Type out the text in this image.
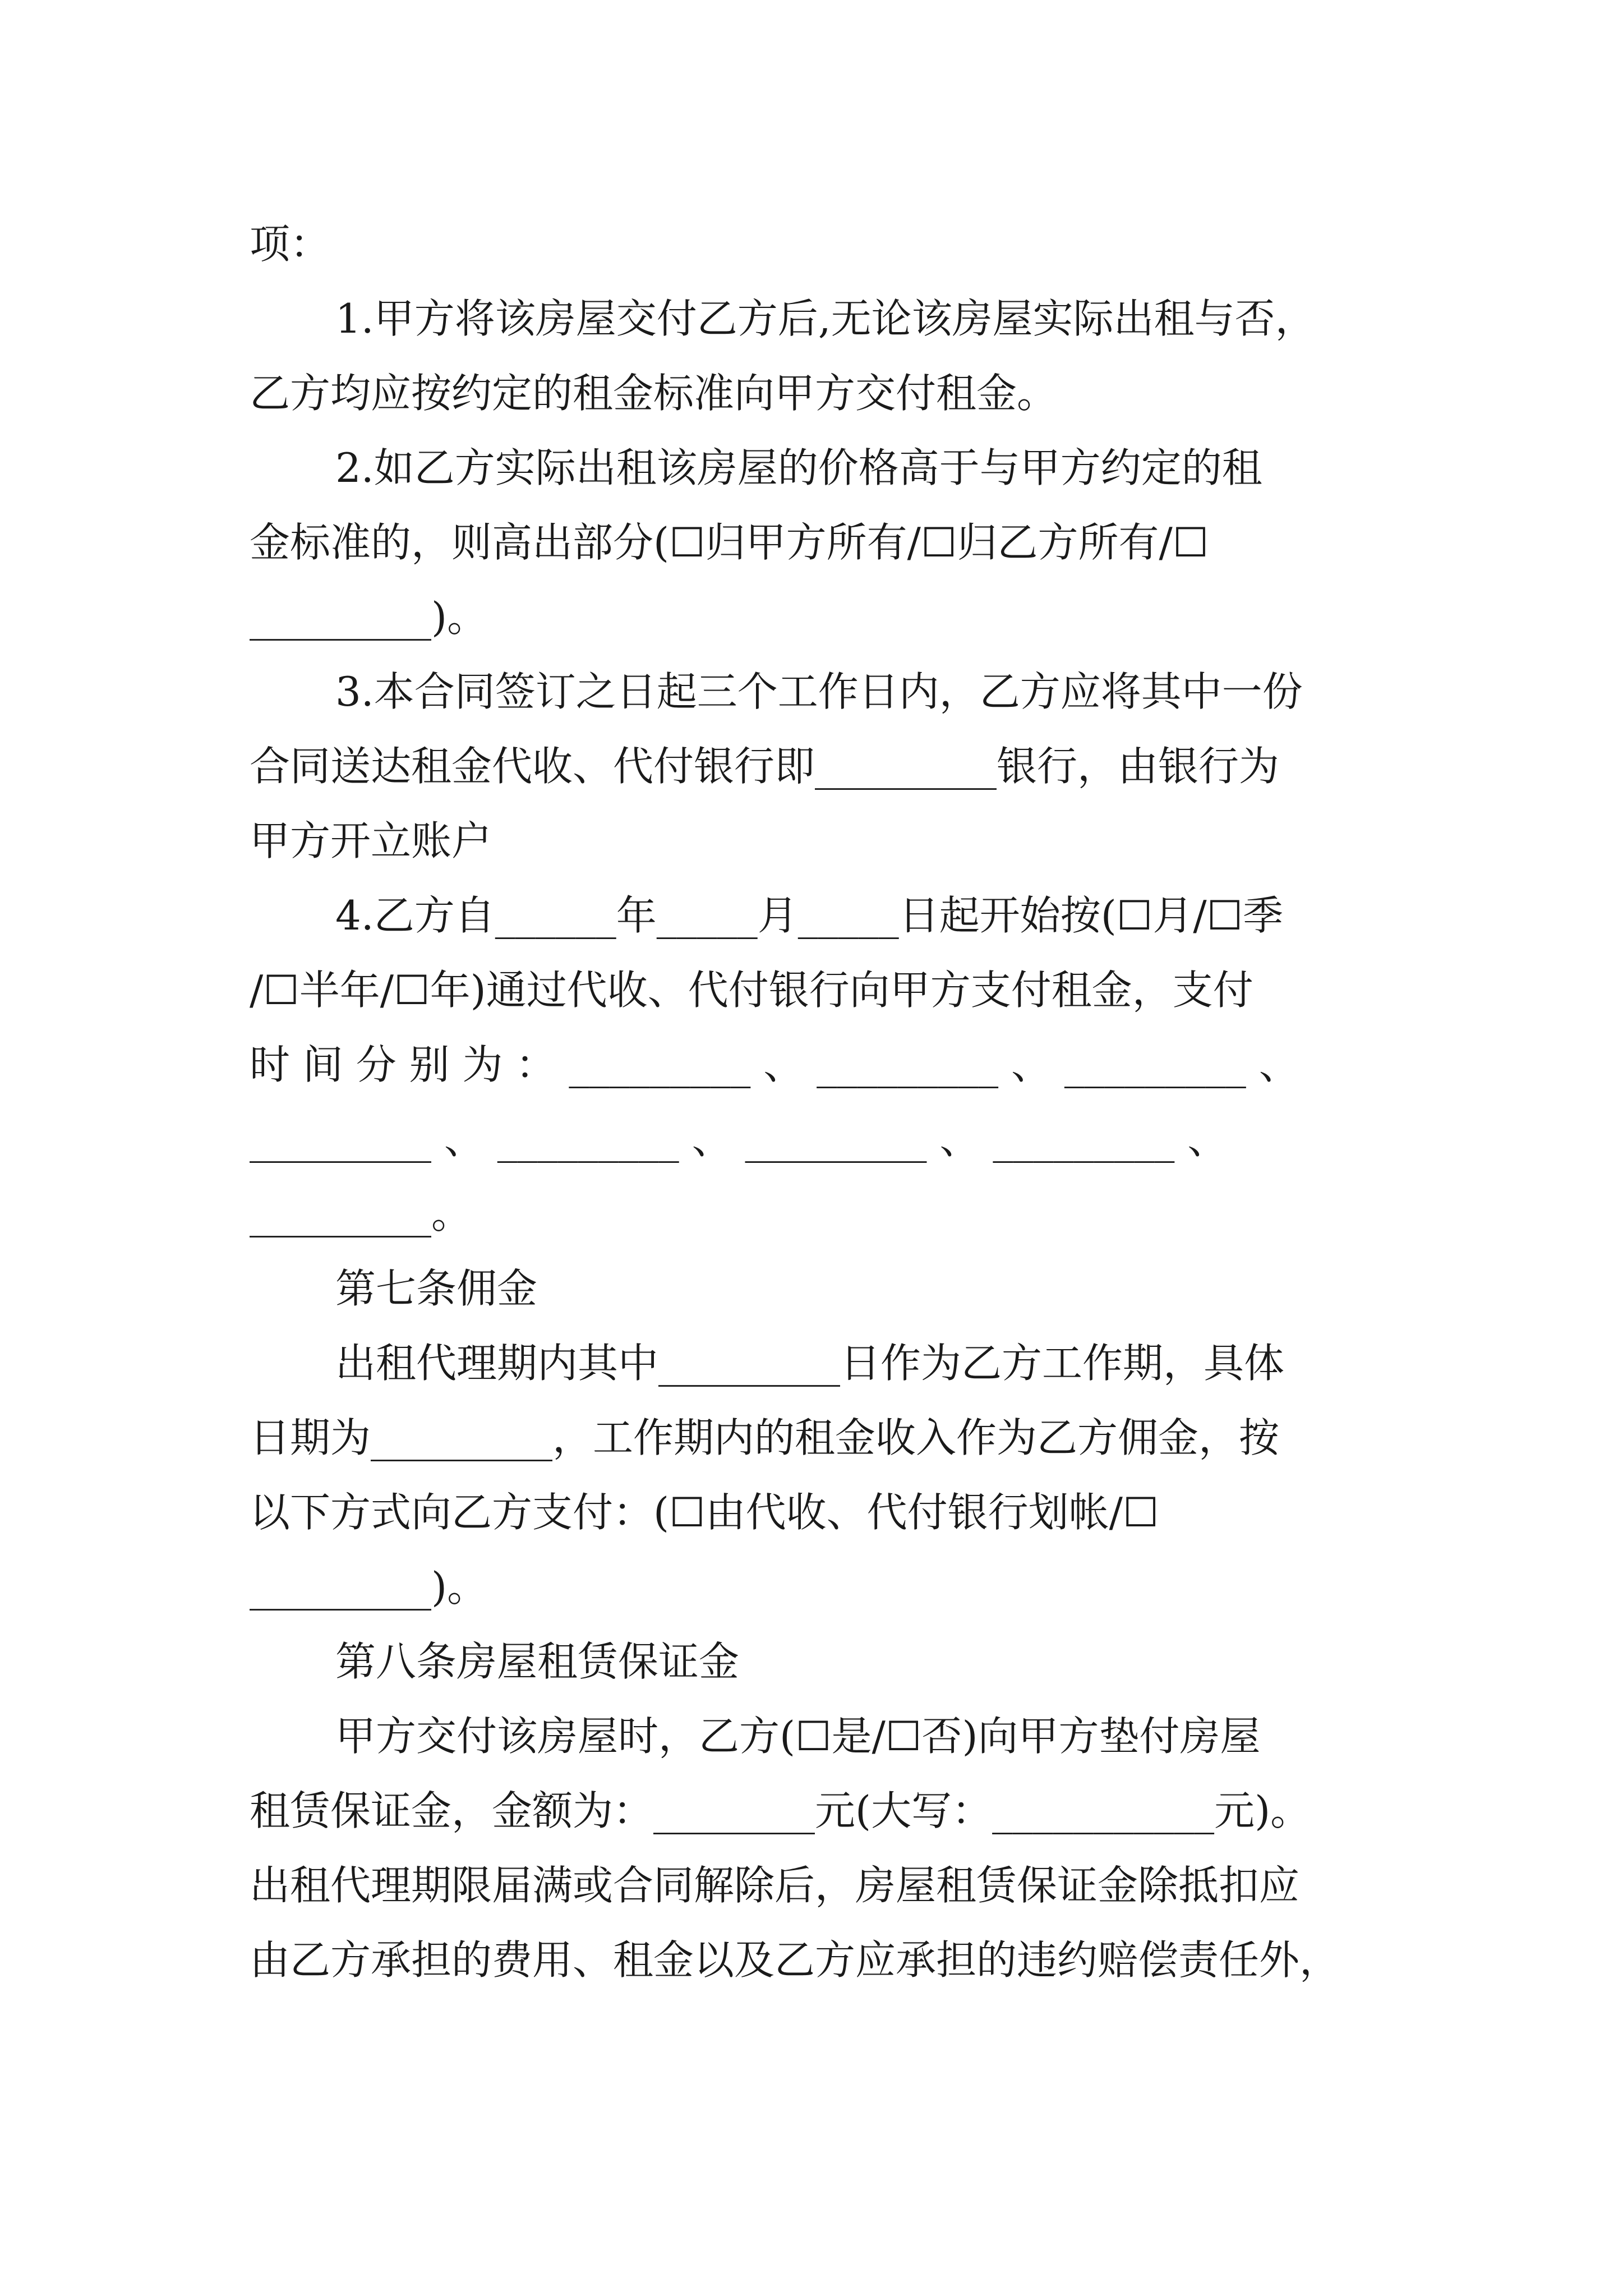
项：
1.甲方将该房屋交付乙方后,无论该房屋实际出租与否，
乙方均应按约定的租金标准向甲方交付租金。
2.如乙方实际出租该房屋的价格高于与甲方约定的租
金标准的，则高出部分(☐归甲方所有/☐归乙方所有/☐
_________)。
3.本合同签订之日起三个工作日内，乙方应将其中一份
合同送达租金代收、代付银行即_________银行，由银行为
甲方开立账户
4.乙方自______年_____月_____日起开始按(☐月/☐季
/☐半年/☐年)通过代收、代付银行向甲方支付租金，支付
时 间 分 别 为 ： _________ 、 _________ 、 _________ 、
_________ 、 _________ 、 _________ 、 _________ 、
_________。
第七条佣金
出租代理期内其中_________日作为乙方工作期，具体
日期为_________，工作期内的租金收入作为乙方佣金，按
以下方式向乙方支付：(☐由代收、代付银行划帐/☐
_________)。
第八条房屋租赁保证金
甲方交付该房屋时，乙方(☐是/☐否)向甲方垫付房屋
租赁保证金，金额为：________元(大写：___________元)。
出租代理期限届满或合同解除后，房屋租赁保证金除抵扣应
由乙方承担的费用、租金以及乙方应承担的违约赔偿责任外，
